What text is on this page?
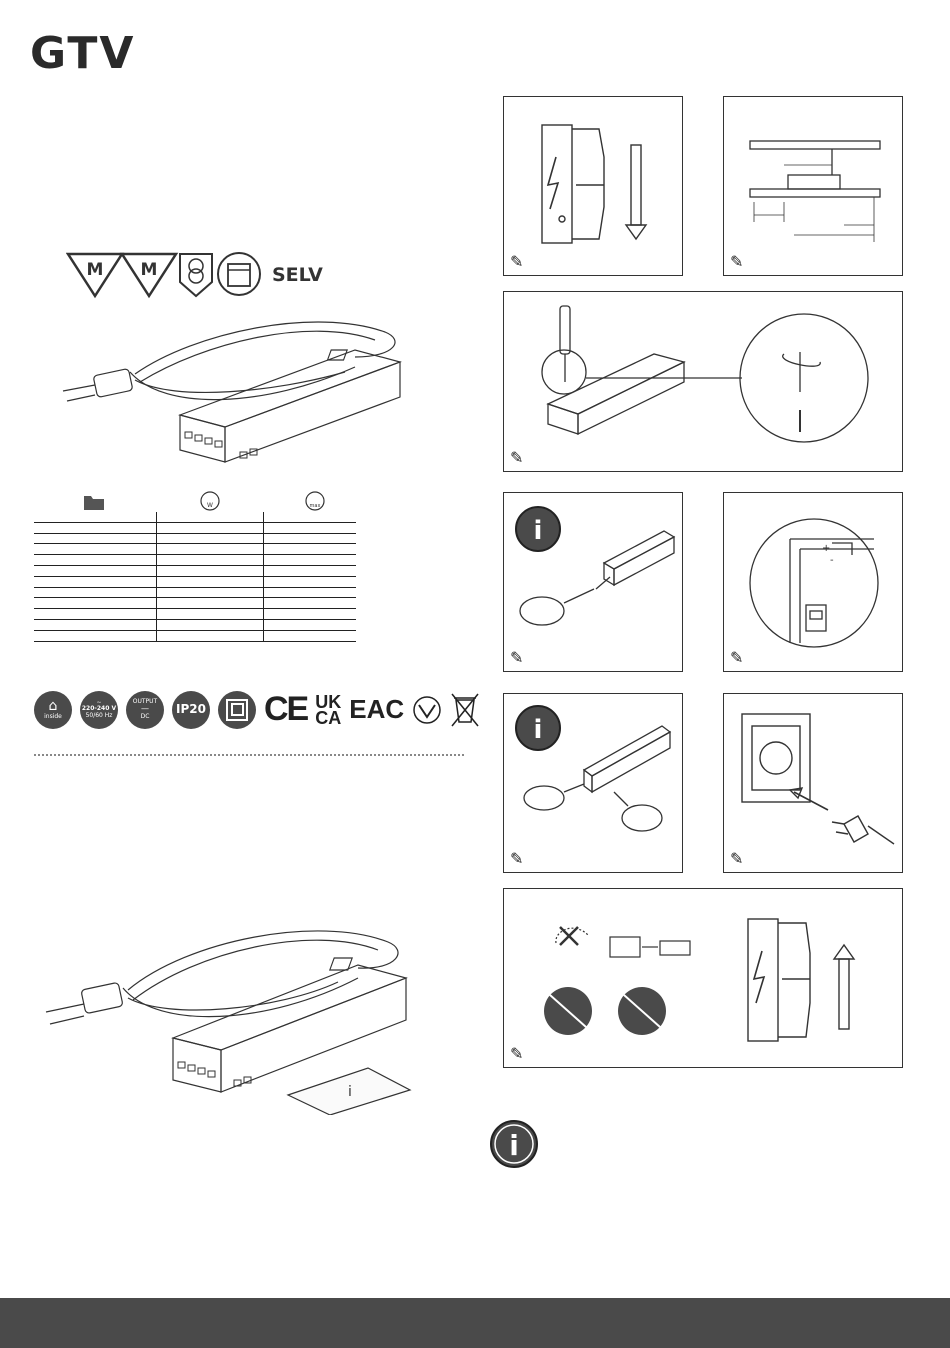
GTV
M M	SELV
W	max

⌂
inside
∼
220-240 V
50/60 Hz
OUTPUT
—
DC
IP20 CE UK
CA EAC
i
✎	✎
✎
i
✎
+
-
✎
i
✎	✎
✎
i
